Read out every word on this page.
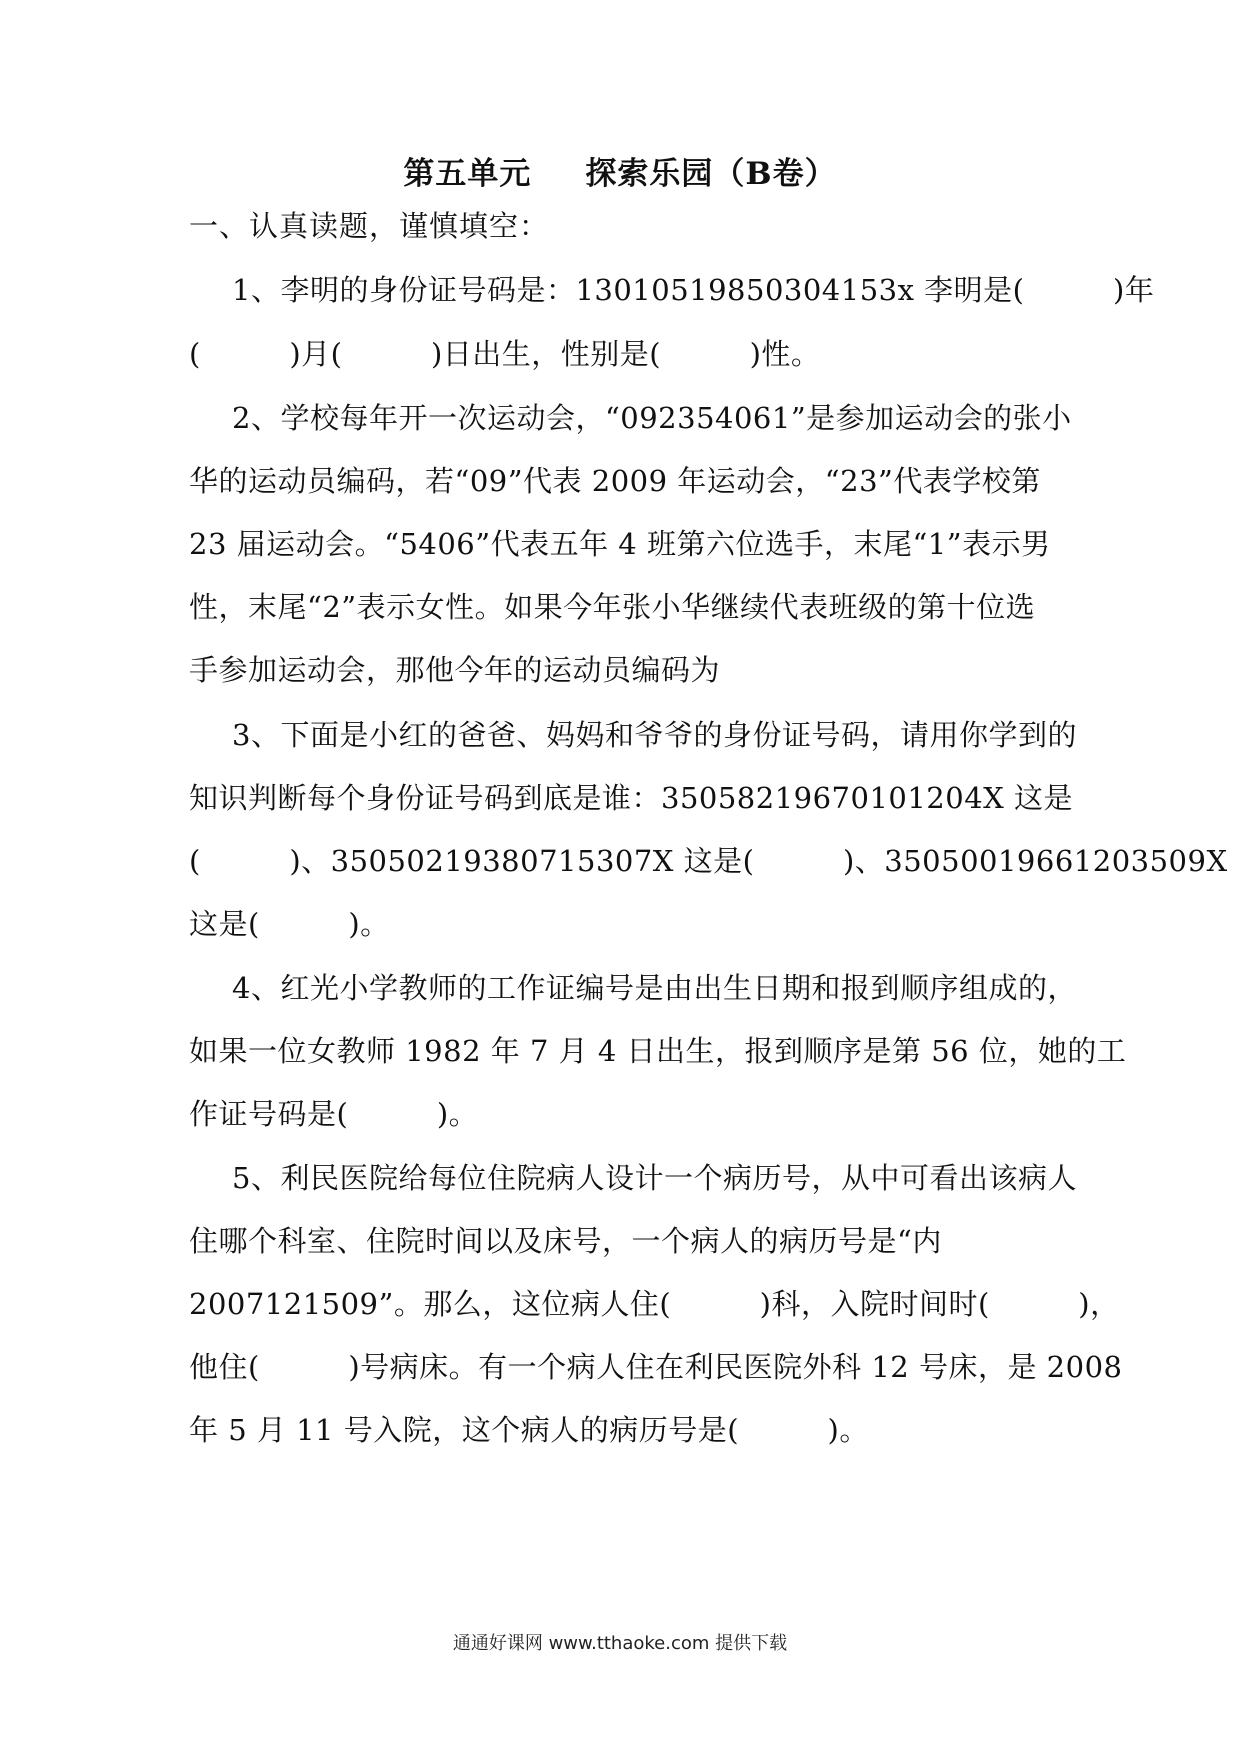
第五单元 探索乐园（B卷）
一、认真读题，谨慎填空：
1、李明的身份证号码是：13010519850304153x 李明是(　　　)年
(　　　)月(　　　)日出生，性别是(　　　)性。
2、学校每年开一次运动会，“092354061”是参加运动会的张小
华的运动员编码，若“09”代表 2009 年运动会，“23”代表学校第
23 届运动会。“5406”代表五年 4 班第六位选手，末尾“1”表示男
性，末尾“2”表示女性。如果今年张小华继续代表班级的第十位选
手参加运动会，那他今年的运动员编码为
3、下面是小红的爸爸、妈妈和爷爷的身份证号码，请用你学到的
知识判断每个身份证号码到底是谁：35058219670101204X 这是
(　　　)、35050219380715307X 这是(　　　)、35050019661203509X
这是(　　　)。
4、红光小学教师的工作证编号是由出生日期和报到顺序组成的，
如果一位女教师 1982 年 7 月 4 日出生，报到顺序是第 56 位，她的工
作证号码是(　　　)。
5、利民医院给每位住院病人设计一个病历号，从中可看出该病人
住哪个科室、住院时间以及床号，一个病人的病历号是“内
2007121509”。那么，这位病人住(　　　)科，入院时间时(　　　)，
他住(　　　)号病床。有一个病人住在利民医院外科 12 号床，是 2008
年 5 月 11 号入院，这个病人的病历号是(　　　)。
通通好课网 www.tthaoke.com 提供下载
